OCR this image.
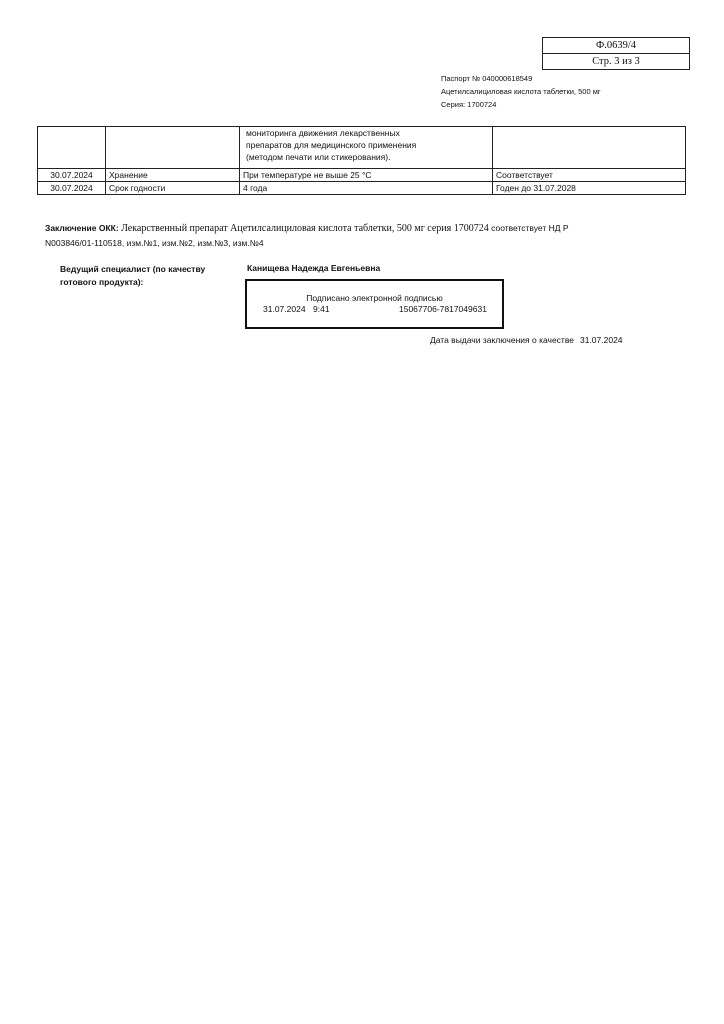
Ф.0639/4
Стр. 3 из 3
Паспорт № 040000618549
Ацетилсалициловая кислота таблетки, 500 мг
Серия: 1700724

		мониторинга движения лекарственных препаратов для медицинского применения (методом печати или стикерования).	

30.07.2024	Хранение	При температуре не выше 25 °С	Соответствует
30.07.2024	Срок годности	4 года	Годен до 31.07.2028
Заключение ОКК: Лекарственный препарат Ацетилсалициловая кислота таблетки, 500 мг серия 1700724 соответствует НД Р N003846/01-110518, изм.№1, изм.№2, изм.№3, изм.№4
Ведущий специалист (по качеству готового продукта):
Канищева Надежда Евгеньевна
Подписано электронной подписью
31.07.2024 9:41	15067706-7817049631
Дата выдачи заключения о качестве 31.07.2024
